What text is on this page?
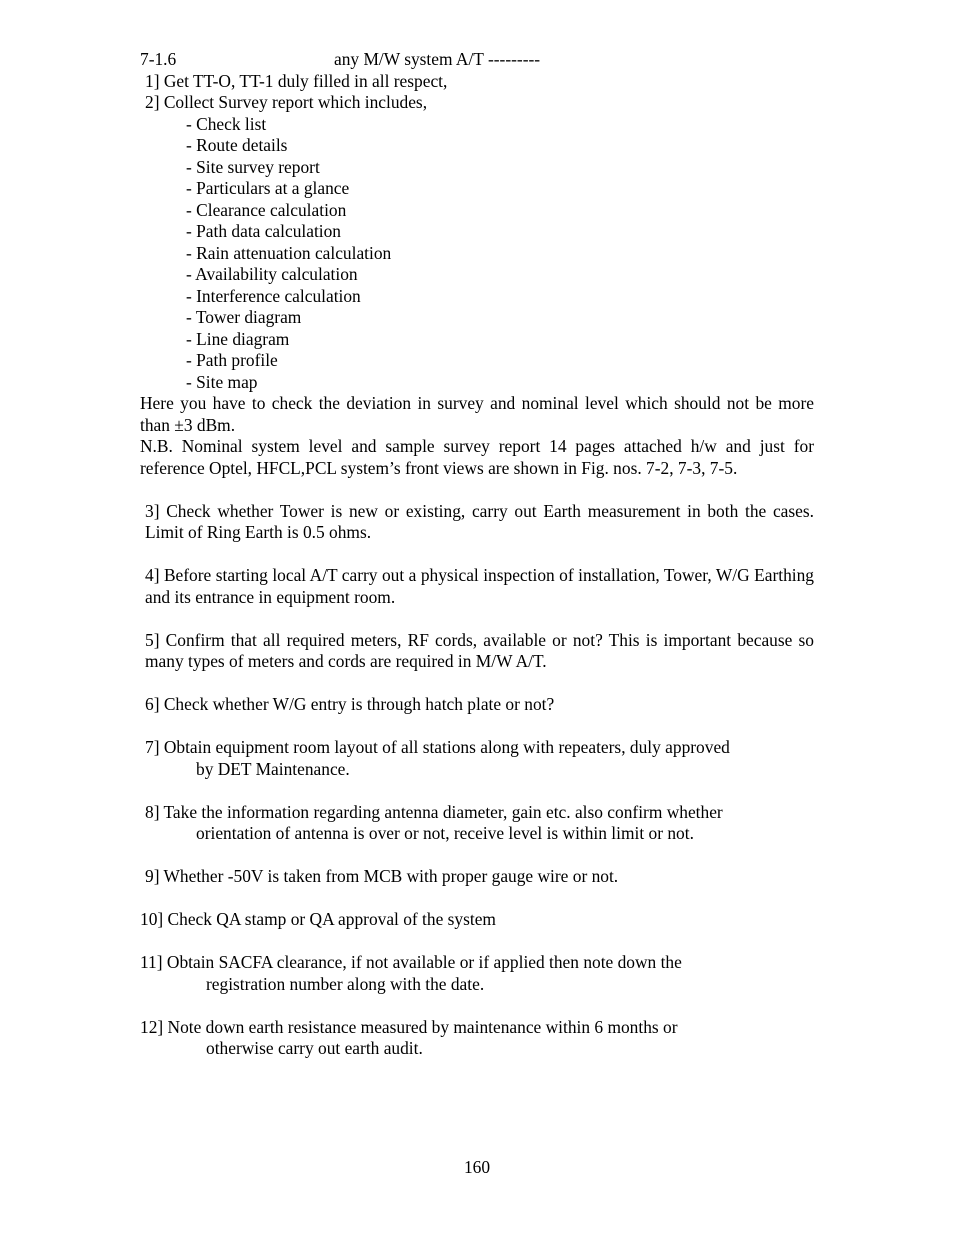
7-1.6	any M/W system A/T ---------
1] Get TT-O, TT-1 duly filled in all respect,
2] Collect Survey report which includes,
- Check list
- Route details
- Site survey report
- Particulars at a glance
- Clearance calculation
- Path data calculation
- Rain attenuation calculation
- Availability calculation
- Interference calculation
- Tower diagram
- Line diagram
- Path profile
- Site map
Here you have to check the deviation in survey and nominal level which should not be more than ±3 dBm.
N.B. Nominal system level and sample survey report 14 pages attached h/w and just for reference Optel, HFCL,PCL system’s front views are shown in Fig. nos. 7-2, 7-3, 7-5.
3] Check whether Tower is new or existing, carry out Earth measurement in both the cases. Limit of Ring Earth is 0.5 ohms.
4] Before starting local A/T carry out a physical inspection of installation, Tower, W/G Earthing and its entrance in equipment room.
5] Confirm that all required meters, RF cords, available or not? This is important because so many types of meters and cords are required in M/W A/T.
6] Check whether W/G entry is through hatch plate or not?
7] Obtain equipment room layout of all stations along with repeaters, duly approved
by DET Maintenance.
8] Take the information regarding antenna diameter, gain etc. also confirm whether
orientation of antenna is over or not, receive level is within limit or not.
9] Whether -50V is taken from MCB with proper gauge wire or not.
10] Check QA stamp or QA approval of the system
11] Obtain SACFA clearance, if not available or if applied then note down the
registration number along with the date.
12] Note down earth resistance measured by maintenance within 6 months or
otherwise carry out earth audit.
160
